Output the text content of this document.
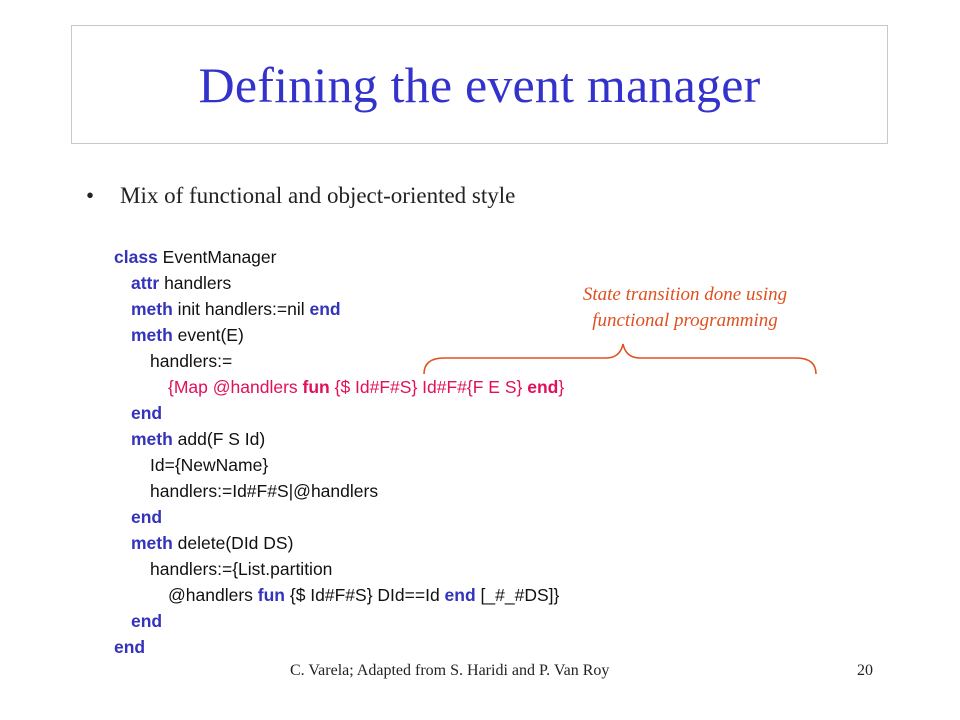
Defining the event manager
• Mix of functional and object-oriented style
class EventManager
attr handlers
meth init handlers:=nil end
meth event(E)
handlers:=
{Map @handlers fun {$ Id#F#S} Id#F#{F E S} end}
end
meth add(F S Id)
Id={NewName}
handlers:=Id#F#S|@handlers
end
meth delete(DId DS)
handlers:={List.partition
@handlers fun {$ Id#F#S} DId==Id end [_#_#DS]}
end
end
State transition done using
functional programming
C. Varela; Adapted from S. Haridi and P. Van Roy	20
